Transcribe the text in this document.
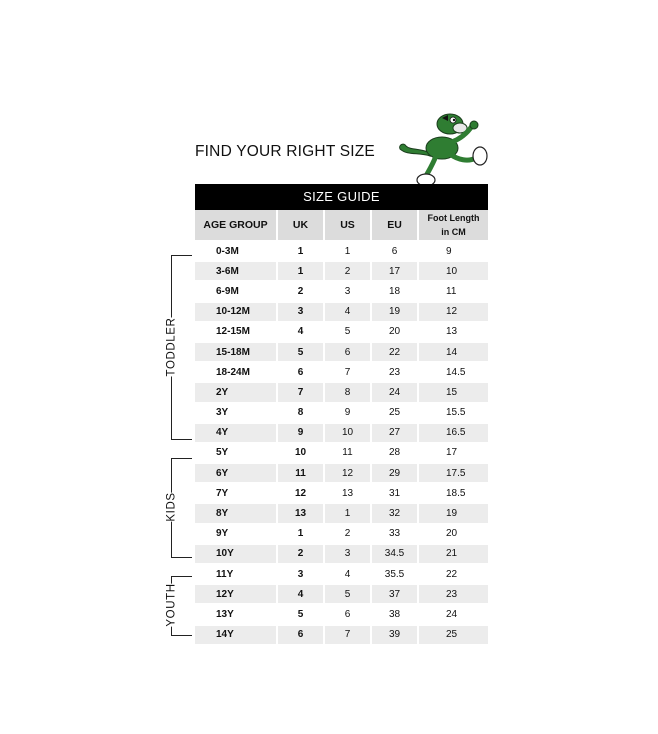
FIND YOUR RIGHT SIZE
SIZE GUIDE
AGE GROUP	UK	US	EU	Foot Length
in CM
0-3M	1	1	6	9
3-6M	1	2	17	10
6-9M	2	3	18	11
10-12M	3	4	19	12
12-15M	4	5	20	13
15-18M	5	6	22	14
18-24M	6	7	23	14.5
2Y	7	8	24	15
3Y	8	9	25	15.5
4Y	9	10	27	16.5
5Y	10	11	28	17
6Y	11	12	29	17.5
7Y	12	13	31	18.5
8Y	13	1	32	19
9Y	1	2	33	20
10Y	2	3	34.5	21
11Y	3	4	35.5	22
12Y	4	5	37	23
13Y	5	6	38	24
14Y	6	7	39	25
TODDLER
KIDS
YOUTH
